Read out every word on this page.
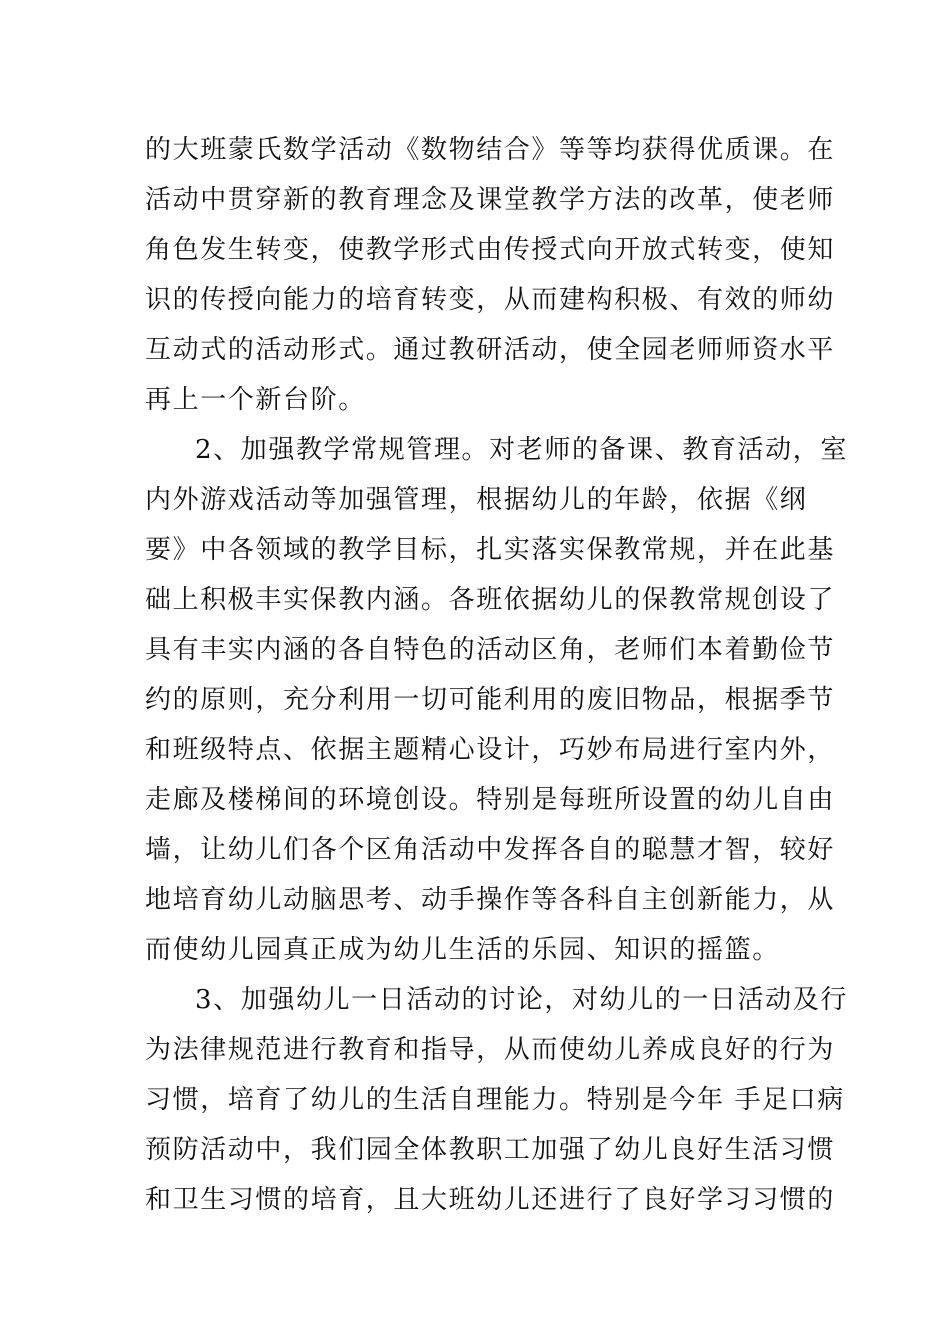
的大班蒙氏数学活动《数物结合》等等均获得优质课。在
活动中贯穿新的教育理念及课堂教学方法的改革，使老师
角色发生转变，使教学形式由传授式向开放式转变，使知
识的传授向能力的培育转变，从而建构积极、有效的师幼
互动式的活动形式。通过教研活动，使全园老师师资水平
再上一个新台阶。
2、加强教学常规管理。对老师的备课、教育活动，室
内外游戏活动等加强管理，根据幼儿的年龄，依据《纲
要》中各领域的教学目标，扎实落实保教常规，并在此基
础上积极丰实保教内涵。各班依据幼儿的保教常规创设了
具有丰实内涵的各自特色的活动区角，老师们本着勤俭节
约的原则，充分利用一切可能利用的废旧物品，根据季节
和班级特点、依据主题精心设计，巧妙布局进行室内外，
走廊及楼梯间的环境创设。特别是每班所设置的幼儿自由
墙，让幼儿们各个区角活动中发挥各自的聪慧才智，较好
地培育幼儿动脑思考、动手操作等各科自主创新能力，从
而使幼儿园真正成为幼儿生活的乐园、知识的摇篮。
3、加强幼儿一日活动的讨论，对幼儿的一日活动及行
为法律规范进行教育和指导，从而使幼儿养成良好的行为
习惯，培育了幼儿的生活自理能力。特别是今年 手足口病
预防活动中，我们园全体教职工加强了幼儿良好生活习惯
和卫生习惯的培育，且大班幼儿还进行了良好学习习惯的
